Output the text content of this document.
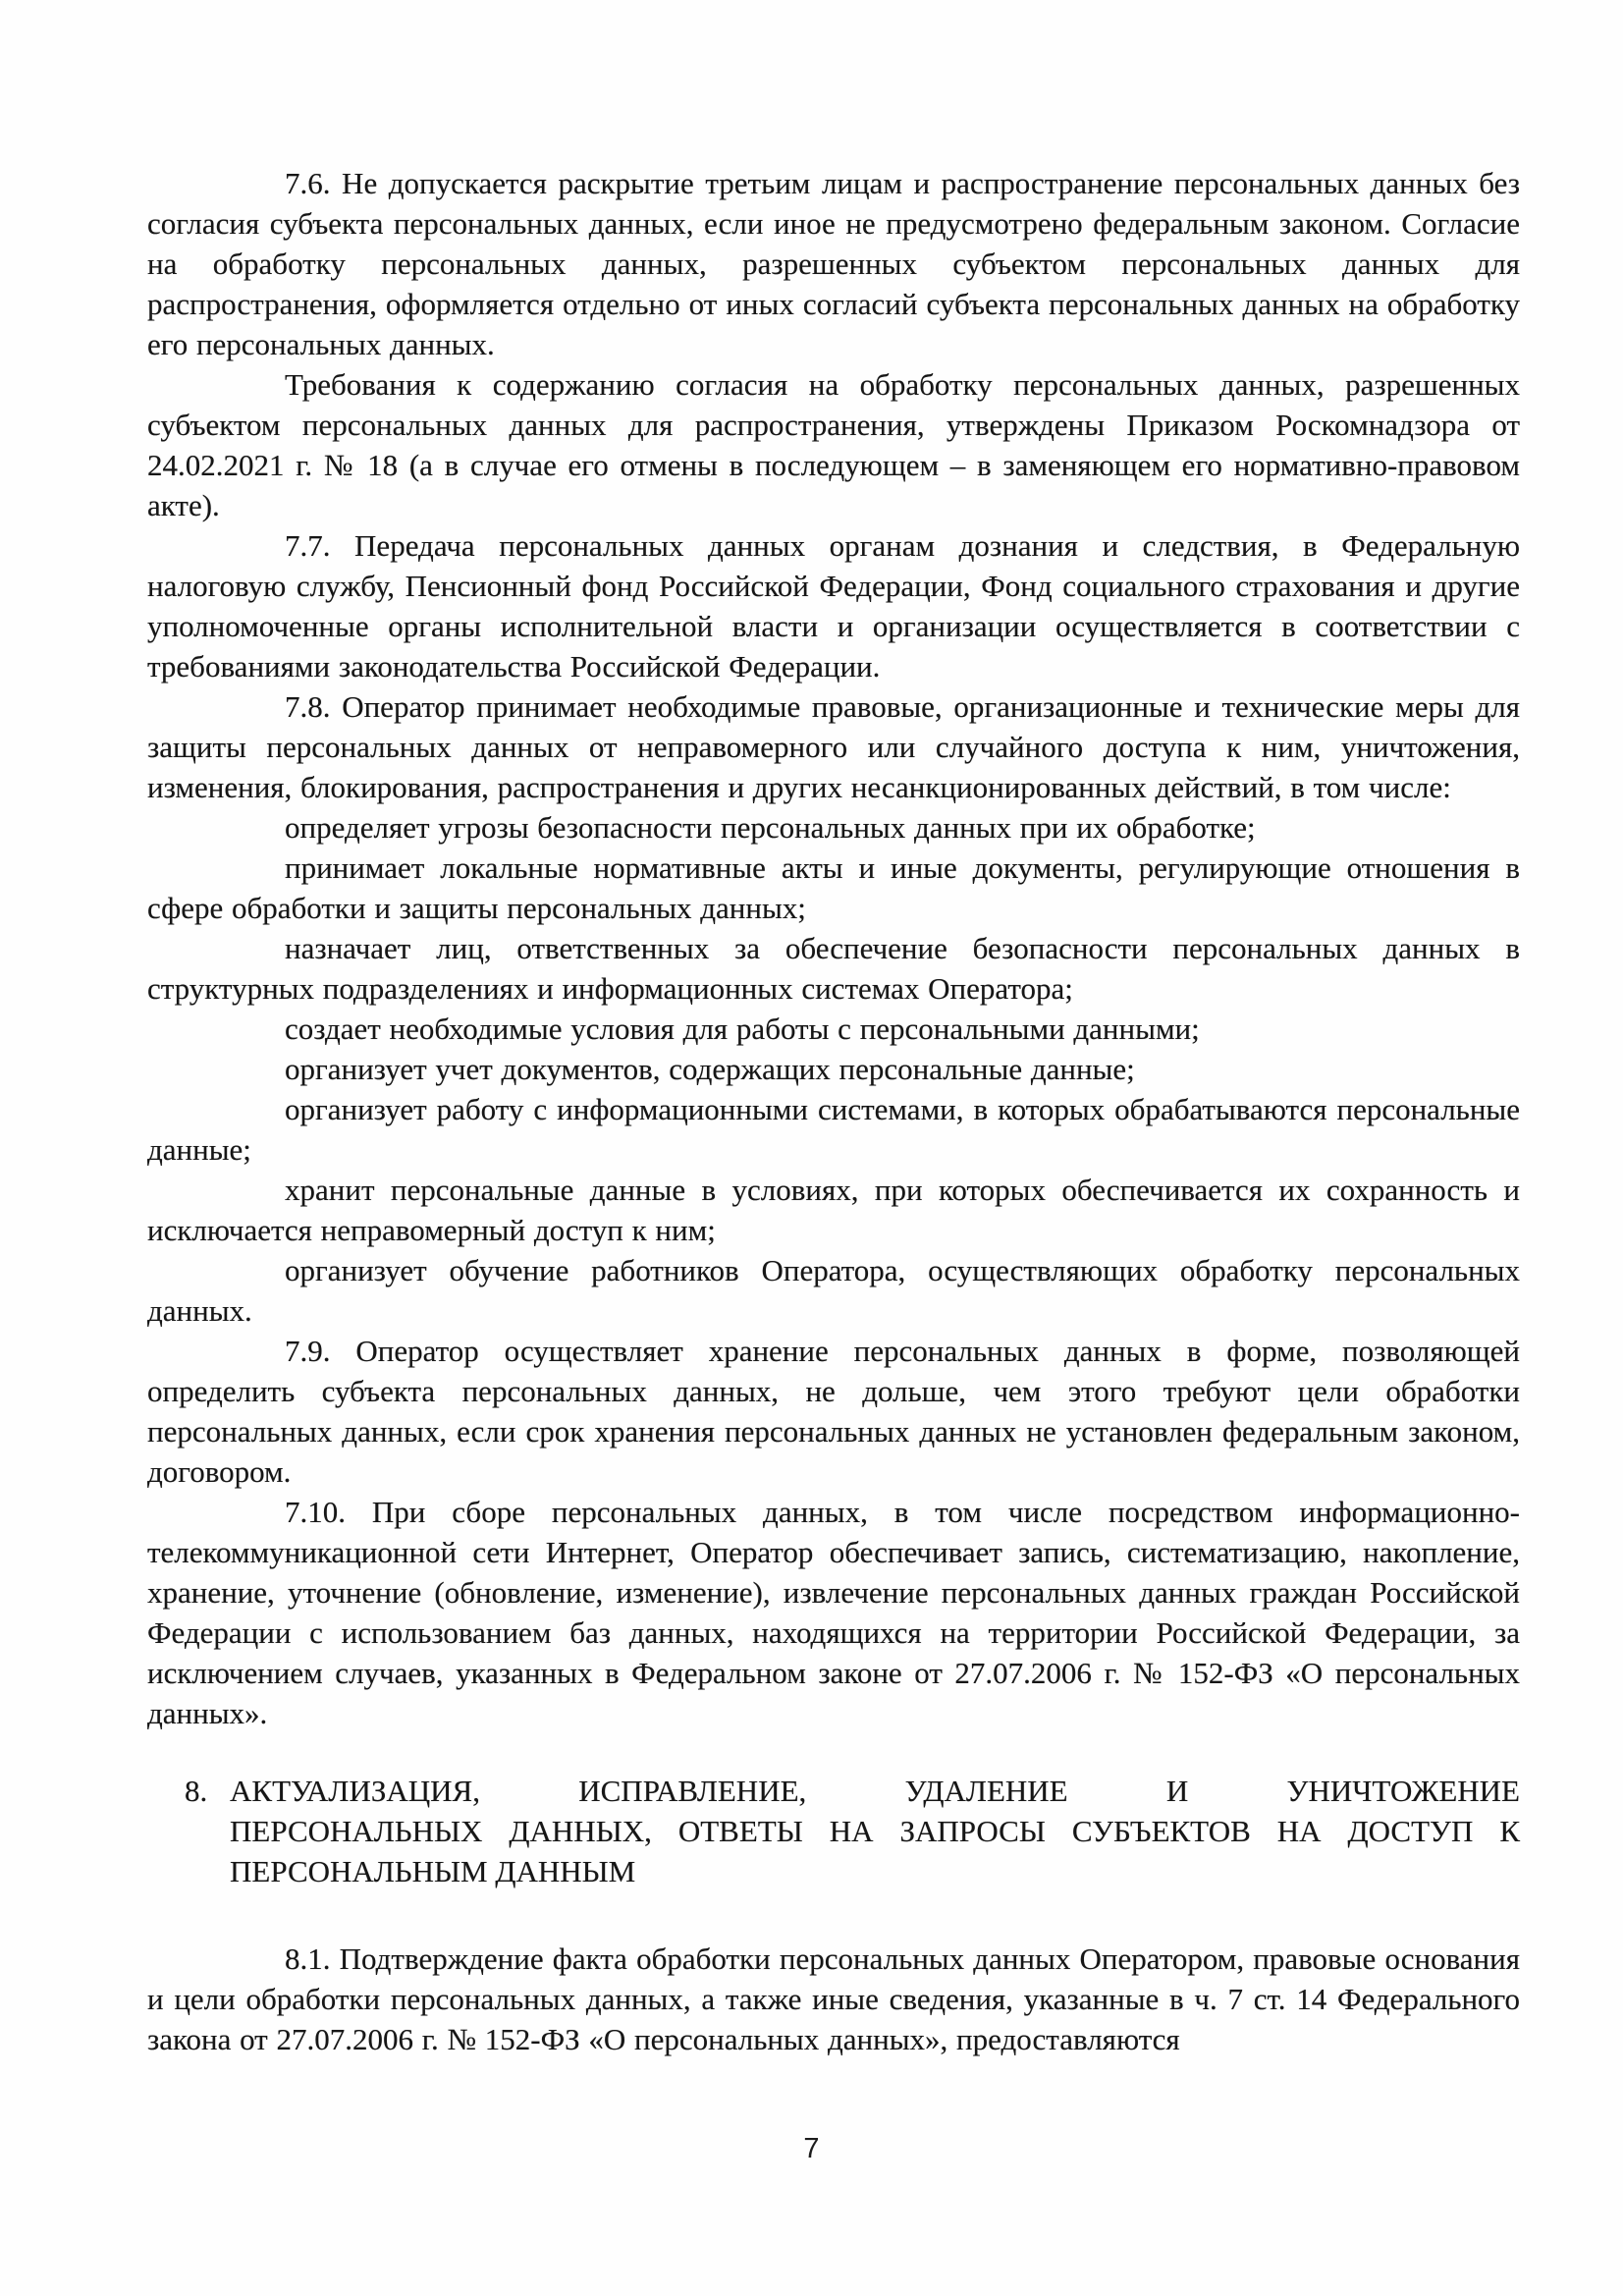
7.6. Не допускается раскрытие третьим лицам и распространение персональных данных без согласия субъекта персональных данных, если иное не предусмотрено федеральным законом. Согласие на обработку персональных данных, разрешенных субъектом персональных данных для распространения, оформляется отдельно от иных согласий субъекта персональных данных на обработку его персональных данных.

Требования к содержанию согласия на обработку персональных данных, разрешенных субъектом персональных данных для распространения, утверждены Приказом Роскомнадзора от 24.02.2021 г. № 18 (а в случае его отмены в последующем – в заменяющем его нормативно-правовом акте).

7.7. Передача персональных данных органам дознания и следствия, в Федеральную налоговую службу, Пенсионный фонд Российской Федерации, Фонд социального страхования и другие уполномоченные органы исполнительной власти и организации осуществляется в соответствии с требованиями законодательства Российской Федерации.

7.8. Оператор принимает необходимые правовые, организационные и технические меры для защиты персональных данных от неправомерного или случайного доступа к ним, уничтожения, изменения, блокирования, распространения и других несанкционированных действий, в том числе:

определяет угрозы безопасности персональных данных при их обработке;

принимает локальные нормативные акты и иные документы, регулирующие отношения в сфере обработки и защиты персональных данных;

назначает лиц, ответственных за обеспечение безопасности персональных данных в структурных подразделениях и информационных системах Оператора;

создает необходимые условия для работы с персональными данными;

организует учет документов, содержащих персональные данные;

организует работу с информационными системами, в которых обрабатываются персональные данные;

хранит персональные данные в условиях, при которых обеспечивается их сохранность и исключается неправомерный доступ к ним;

организует обучение работников Оператора, осуществляющих обработку персональных данных.

7.9. Оператор осуществляет хранение персональных данных в форме, позволяющей определить субъекта персональных данных, не дольше, чем этого требуют цели обработки персональных данных, если срок хранения персональных данных не установлен федеральным законом, договором.

7.10. При сборе персональных данных, в том числе посредством информационно-телекоммуникационной сети Интернет, Оператор обеспечивает запись, систематизацию, накопление, хранение, уточнение (обновление, изменение), извлечение персональных данных граждан Российской Федерации с использованием баз данных, находящихся на территории Российской Федерации, за исключением случаев, указанных в Федеральном законе от 27.07.2006 г. № 152-ФЗ «О персональных данных».

8. АКТУАЛИЗАЦИЯ, ИСПРАВЛЕНИЕ, УДАЛЕНИЕ И УНИЧТОЖЕНИЕ
ПЕРСОНАЛЬНЫХ ДАННЫХ, ОТВЕТЫ НА ЗАПРОСЫ СУБЪЕКТОВ НА ДОСТУП К
ПЕРСОНАЛЬНЫМ ДАННЫМ

8.1. Подтверждение факта обработки персональных данных Оператором, правовые основания и цели обработки персональных данных, а также иные сведения, указанные в ч. 7 ст. 14 Федерального закона от 27.07.2006 г. № 152-ФЗ «О персональных данных», предоставляются

7
